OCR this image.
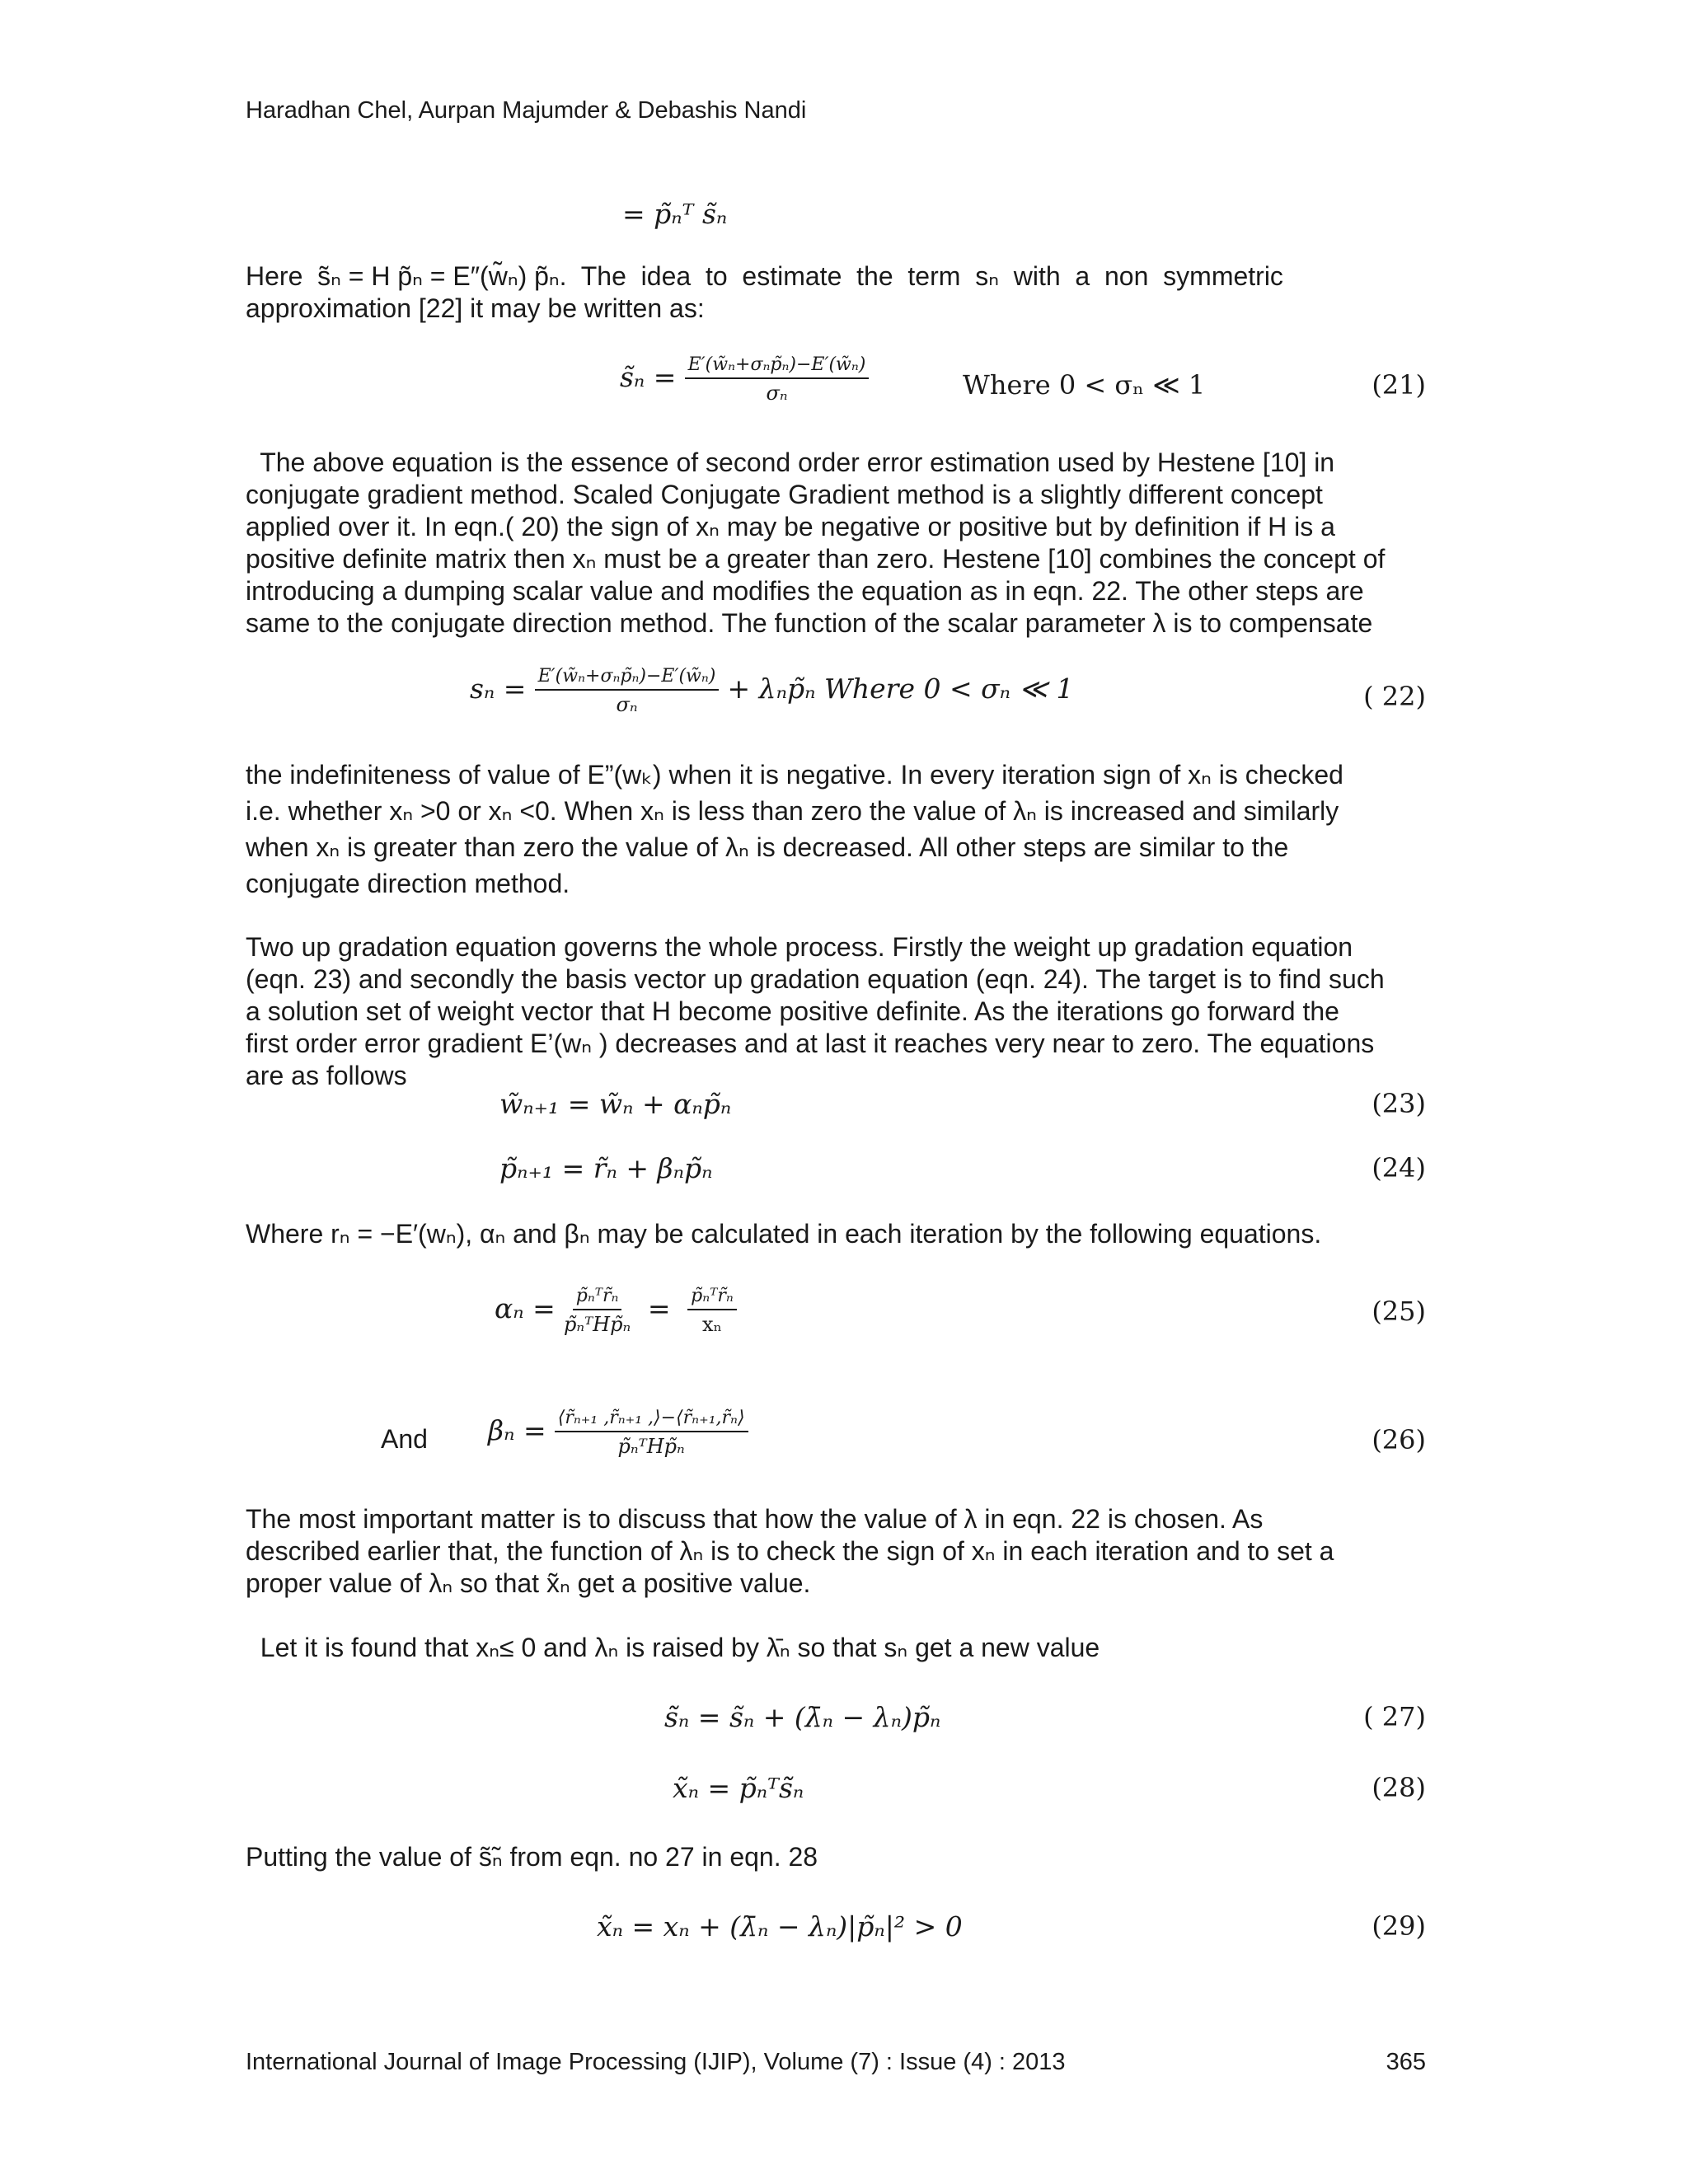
Haradhan Chel, Aurpan Majumder & Debashis Nandi
= p̃ₙᵀ s̃ₙ
Here  s̃ₙ = H p̃ₙ = E″(w̃ₙ) p̃ₙ.  The  idea  to  estimate  the  term  sₙ  with  a  non  symmetric
approximation [22] it may be written as:
s̃ₙ = $\frac{\text{E′(w̃ₙ+σₙp̃ₙ)−E′(w̃ₙ)}}{\text{σₙ}}$	Where 0 < σₙ ≪ 1	(21)
The above equation is the essence of second order error estimation used by Hestene [10] in
conjugate gradient method. Scaled Conjugate Gradient method is a slightly different concept
applied over it. In eqn.( 20) the sign of xₙ may be negative or positive but by definition if H is a
positive definite matrix then xₙ must be a greater than zero. Hestene [10] combines the concept of
introducing a dumping scalar value and modifies the equation as in eqn. 22. The other steps are
same to the conjugate direction method. The function of the scalar parameter λ is to compensate
$s_n = \frac{\text{E′(w̃ₙ+σₙp̃ₙ)−E′(w̃ₙ)}}{\text{σₙ}}$ + λₙp̃ₙ Where 0 < σₙ ≪ 1	( 22)
the indefiniteness of value of E”(wₖ) when it is negative. In every iteration sign of xₙ is checked
i.e. whether xₙ >0 or xₙ <0. When xₙ is less than zero the value of λₙ is increased and similarly
when xₙ is greater than zero the value of λₙ is decreased. All other steps are similar to the
conjugate direction method.
Two up gradation equation governs the whole process. Firstly the weight up gradation equation
(eqn. 23) and secondly the basis vector up gradation equation (eqn. 24). The target is to find such
a solution set of weight vector that H become positive definite. As the iterations go forward the
first order error gradient E’(wₙ ) decreases and at last it reaches very near to zero. The equations
are as follows
w̃ₙ₊₁ = w̃ₙ + αₙp̃ₙ	(23)
p̃ₙ₊₁ = r̃ₙ + βₙp̃ₙ	(24)
Where rₙ = −E′(wₙ), αₙ and βₙ may be calculated in each iteration by the following equations.
$\alpha_n = \frac{\text{p̃ₙᵀr̃ₙ}}{\text{p̃ₙᵀHp̃ₙ}} = \frac{\text{p̃ₙᵀr̃ₙ}}{\text{xₙ}}$	(25)
And $\beta_n = \frac{\text{⟨r̃ₙ₊₁ ,r̃ₙ₊₁ ,⟩−⟨r̃ₙ₊₁,r̃ₙ⟩}}{\text{p̃ₙᵀHp̃ₙ}}$	(26)
The most important matter is to discuss that how the value of λ in eqn. 22 is chosen. As
described earlier that, the function of λₙ is to check the sign of xₙ in each iteration and to set a
proper value of λₙ so that x̃ₙ get a positive value.
Let it is found that xₙ≤ 0 and λₙ is raised by λ̄ₙ so that sₙ get a new value
s̃̃ₙ = s̃ₙ + (λ̄ₙ − λₙ)p̃ₙ	( 27)
x̃ₙ = p̃ₙᵀs̃̃ₙ	(28)
Putting the value of s̃̃ₙ from eqn. no 27 in eqn. 28
x̃ₙ = xₙ + (λ̄ₙ − λₙ)|p̃ₙ|² > 0	(29)
International Journal of Image Processing (IJIP), Volume (7) : Issue (4) : 2013	365
